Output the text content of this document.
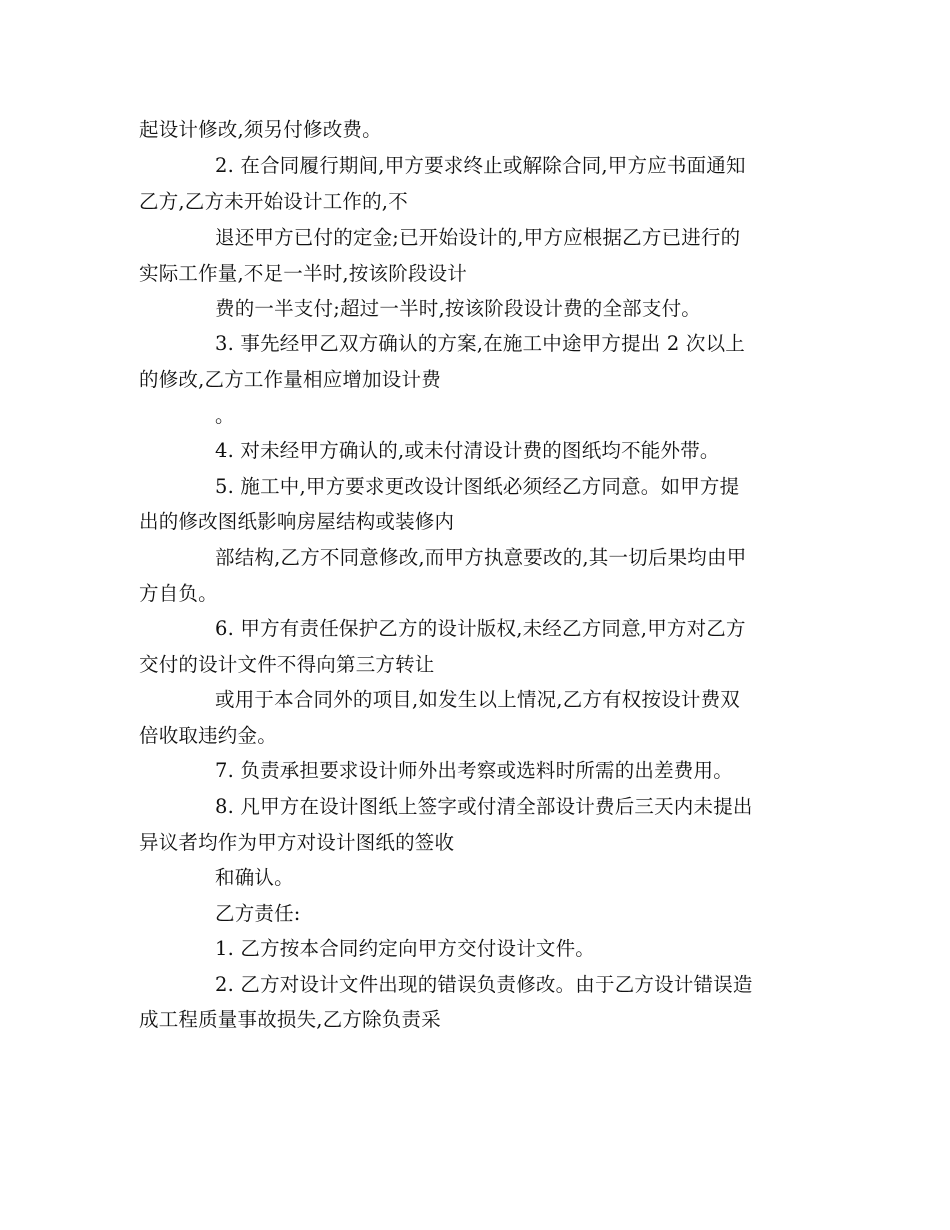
起设计修改,须另付修改费。
2. 在合同履行期间,甲方要求终止或解除合同,甲方应书面通知
乙方,乙方未开始设计工作的,不
退还甲方已付的定金;已开始设计的,甲方应根据乙方已进行的
实际工作量,不足一半时,按该阶段设计
费的一半支付;超过一半时,按该阶段设计费的全部支付。
3. 事先经甲乙双方确认的方案,在施工中途甲方提出 2 次以上
的修改,乙方工作量相应增加设计费
。
4. 对未经甲方确认的,或未付清设计费的图纸均不能外带。
5. 施工中,甲方要求更改设计图纸必须经乙方同意。如甲方提
出的修改图纸影响房屋结构或装修内
部结构,乙方不同意修改,而甲方执意要改的,其一切后果均由甲
方自负。
6. 甲方有责任保护乙方的设计版权,未经乙方同意,甲方对乙方
交付的设计文件不得向第三方转让
或用于本合同外的项目,如发生以上情况,乙方有权按设计费双
倍收取违约金。
7. 负责承担要求设计师外出考察或选料时所需的出差费用。
8. 凡甲方在设计图纸上签字或付清全部设计费后三天内未提出
异议者均作为甲方对设计图纸的签收
和确认。
乙方责任:
1. 乙方按本合同约定向甲方交付设计文件。
2. 乙方对设计文件出现的错误负责修改。由于乙方设计错误造
成工程质量事故损失,乙方除负责采
